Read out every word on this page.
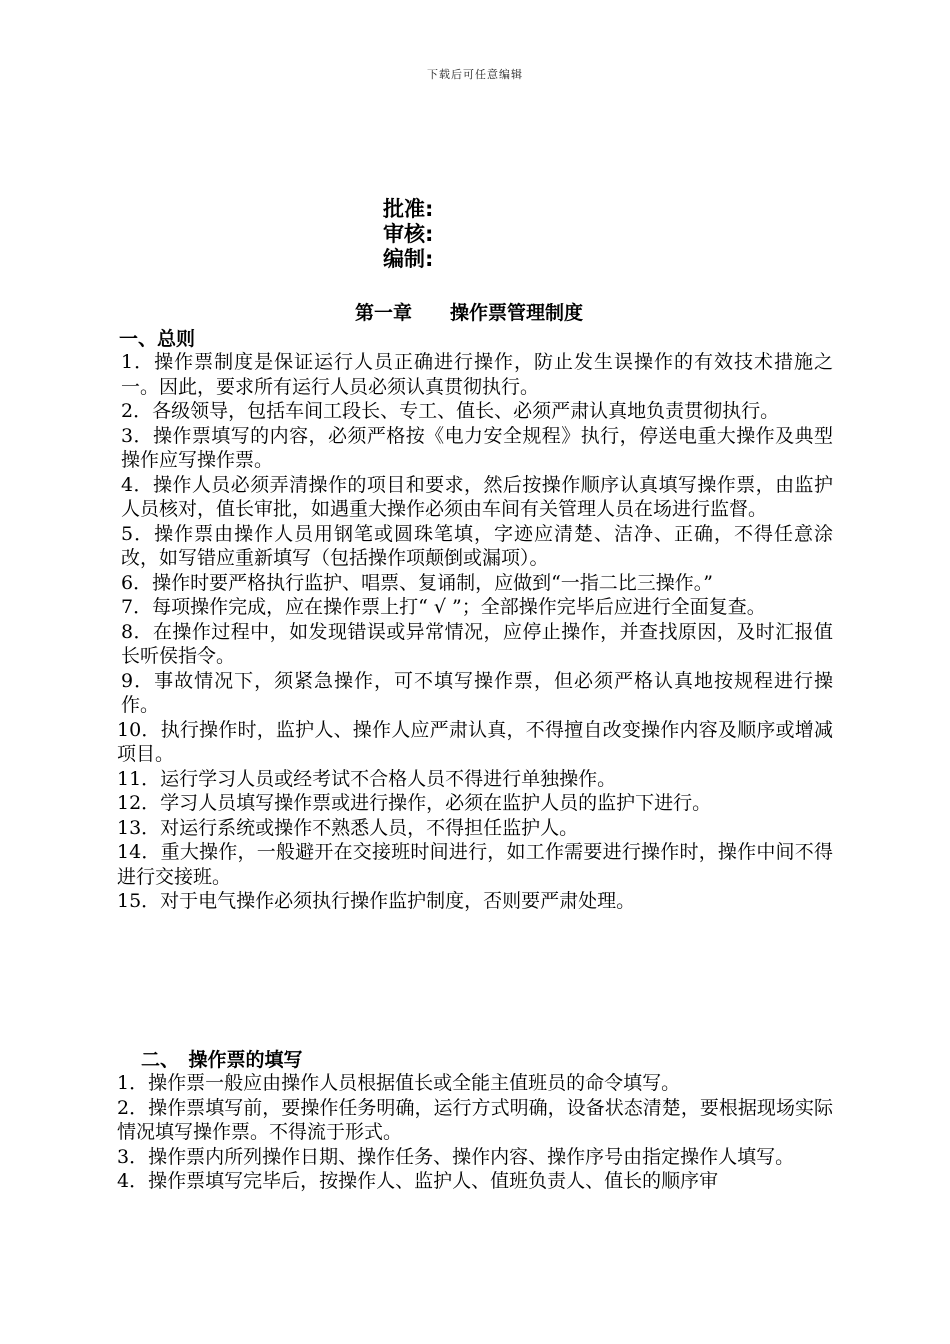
下载后可任意编辑
批准:
审核:
编制:
第一章　　操作票管理制度
一、总则

1．操作票制度是保证运行人员正确进行操作，防止发生误操作的有效技术措施之一。因此，要求所有运行人员必须认真贯彻执行。

2．各级领导，包括车间工段长、专工、值长、必须严肃认真地负责贯彻执行。

3．操作票填写的内容，必须严格按《电力安全规程》执行，停送电重大操作及典型操作应写操作票。

4．操作人员必须弄清操作的项目和要求，然后按操作顺序认真填写操作票，由监护人员核对，值长审批，如遇重大操作必须由车间有关管理人员在场进行监督。

5．操作票由操作人员用钢笔或圆珠笔填，字迹应清楚、洁净、正确，不得任意涂改，如写错应重新填写（包括操作项颠倒或漏项）。

6．操作时要严格执行监护、唱票、复诵制，应做到“一指二比三操作。”

7．每项操作完成，应在操作票上打“ √ ”；全部操作完毕后应进行全面复查。

8．在操作过程中，如发现错误或异常情况，应停止操作，并查找原因，及时汇报值长听侯指令。

9．事故情况下，须紧急操作，可不填写操作票，但必须严格认真地按规程进行操作。

10．执行操作时，监护人、操作人应严肃认真，不得擅自改变操作内容及顺序或增减项目。

11．运行学习人员或经考试不合格人员不得进行单独操作。

12．学习人员填写操作票或进行操作，必须在监护人员的监护下进行。

13．对运行系统或操作不熟悉人员，不得担任监护人。

14．重大操作，一般避开在交接班时间进行，如工作需要进行操作时，操作中间不得进行交接班。

15．对于电气操作必须执行操作监护制度，否则要严肃处理。

二、　操作票的填写

1．操作票一般应由操作人员根据值长或全能主值班员的命令填写。

2．操作票填写前，要操作任务明确，运行方式明确，设备状态清楚，要根据现场实际情况填写操作票。不得流于形式。

3．操作票内所列操作日期、操作任务、操作内容、操作序号由指定操作人填写。

4．操作票填写完毕后，按操作人、监护人、值班负责人、值长的顺序审
